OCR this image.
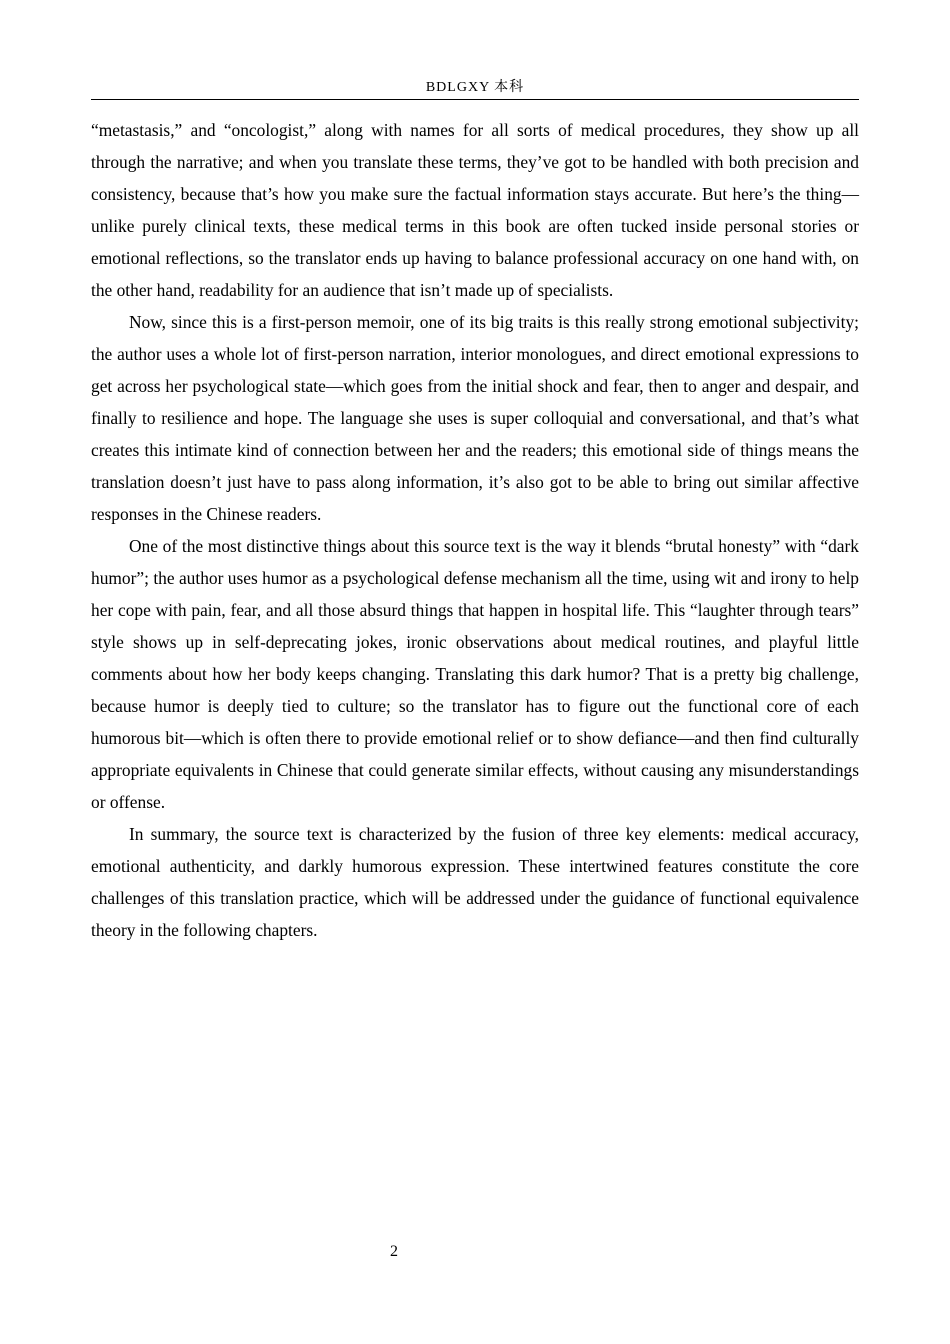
BDLGXY 本科

“metastasis,” and “oncologist,” along with names for all sorts of medical procedures, they show up all through the narrative; and when you translate these terms, they’ve got to be handled with both precision and consistency, because that’s how you make sure the factual information stays accurate. But here’s the thing—unlike purely clinical texts, these medical terms in this book are often tucked inside personal stories or emotional reflections, so the translator ends up having to balance professional accuracy on one hand with, on the other hand, readability for an audience that isn’t made up of specialists.

Now, since this is a first-person memoir, one of its big traits is this really strong emotional subjectivity; the author uses a whole lot of first-person narration, interior monologues, and direct emotional expressions to get across her psychological state—which goes from the initial shock and fear, then to anger and despair, and finally to resilience and hope. The language she uses is super colloquial and conversational, and that’s what creates this intimate kind of connection between her and the readers; this emotional side of things means the translation doesn’t just have to pass along information, it’s also got to be able to bring out similar affective responses in the Chinese readers.

One of the most distinctive things about this source text is the way it blends “brutal honesty” with “dark humor”; the author uses humor as a psychological defense mechanism all the time, using wit and irony to help her cope with pain, fear, and all those absurd things that happen in hospital life. This “laughter through tears” style shows up in self-deprecating jokes, ironic observations about medical routines, and playful little comments about how her body keeps changing. Translating this dark humor? That is a pretty big challenge, because humor is deeply tied to culture; so the translator has to figure out the functional core of each humorous bit—which is often there to provide emotional relief or to show defiance—and then find culturally appropriate equivalents in Chinese that could generate similar effects, without causing any misunderstandings or offense.

In summary, the source text is characterized by the fusion of three key elements: medical accuracy, emotional authenticity, and darkly humorous expression. These intertwined features constitute the core challenges of this translation practice, which will be addressed under the guidance of functional equivalence theory in the following chapters.

2
